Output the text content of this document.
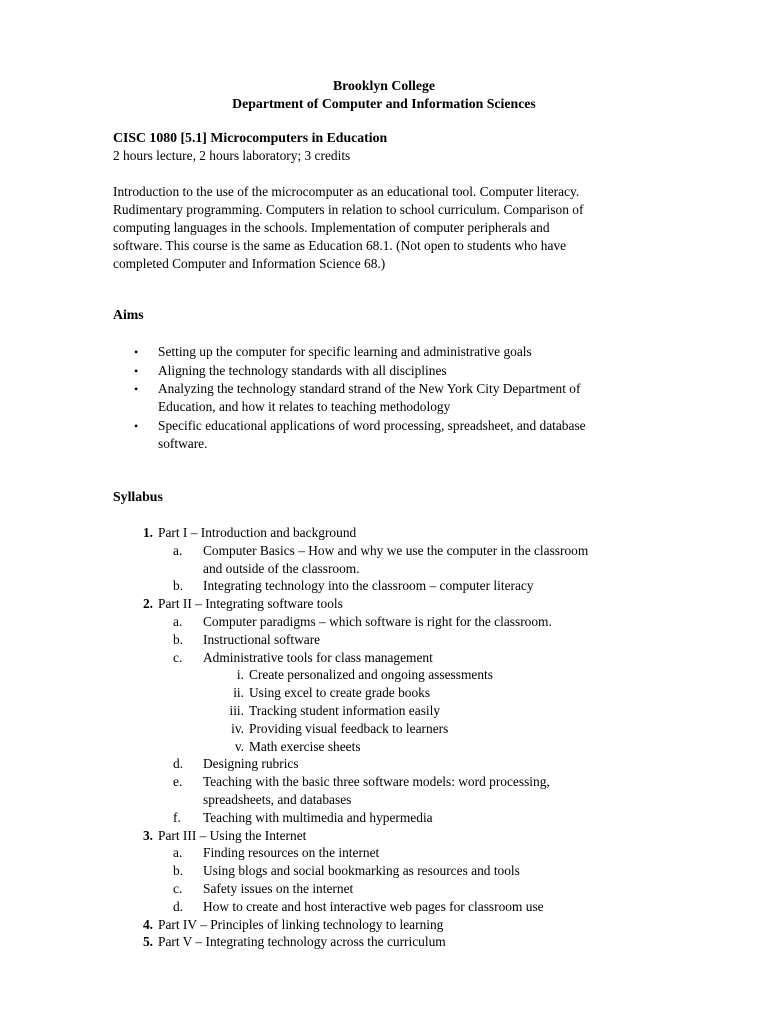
Brooklyn College
Department of Computer and Information Sciences
CISC 1080 [5.1] Microcomputers in Education
2 hours lecture, 2 hours laboratory; 3 credits
Introduction to the use of the microcomputer as an educational tool. Computer literacy.
Rudimentary programming. Computers in relation to school curriculum. Comparison of
computing languages in the schools. Implementation of computer peripherals and
software. This course is the same as Education 68.1. (Not open to students who have
completed Computer and Information Science 68.)
Aims
• Setting up the computer for specific learning and administrative goals
• Aligning the technology standards with all disciplines
• Analyzing the technology standard strand of the New York City Department of
Education, and how it relates to teaching methodology
• Specific educational applications of word processing, spreadsheet, and database
software.
Syllabus
1. Part I – Introduction and background
a.	Computer Basics – How and why we use the computer in the classroom
and outside of the classroom.
b.	Integrating technology into the classroom – computer literacy
2. Part II – Integrating software tools
a.	Computer paradigms – which software is right for the classroom.
b.	Instructional software
c.	Administrative tools for class management
i. Create personalized and ongoing assessments
ii. Using excel to create grade books
iii. Tracking student information easily
iv. Providing visual feedback to learners
v. Math exercise sheets
d.	Designing rubrics
e.	Teaching with the basic three software models: word processing,
spreadsheets, and databases
f.	Teaching with multimedia and hypermedia
3. Part III – Using the Internet
a.	Finding resources on the internet
b.	Using blogs and social bookmarking as resources and tools
c.	Safety issues on the internet
d.	How to create and host interactive web pages for classroom use
4. Part IV – Principles of linking technology to learning
5. Part V – Integrating technology across the curriculum
